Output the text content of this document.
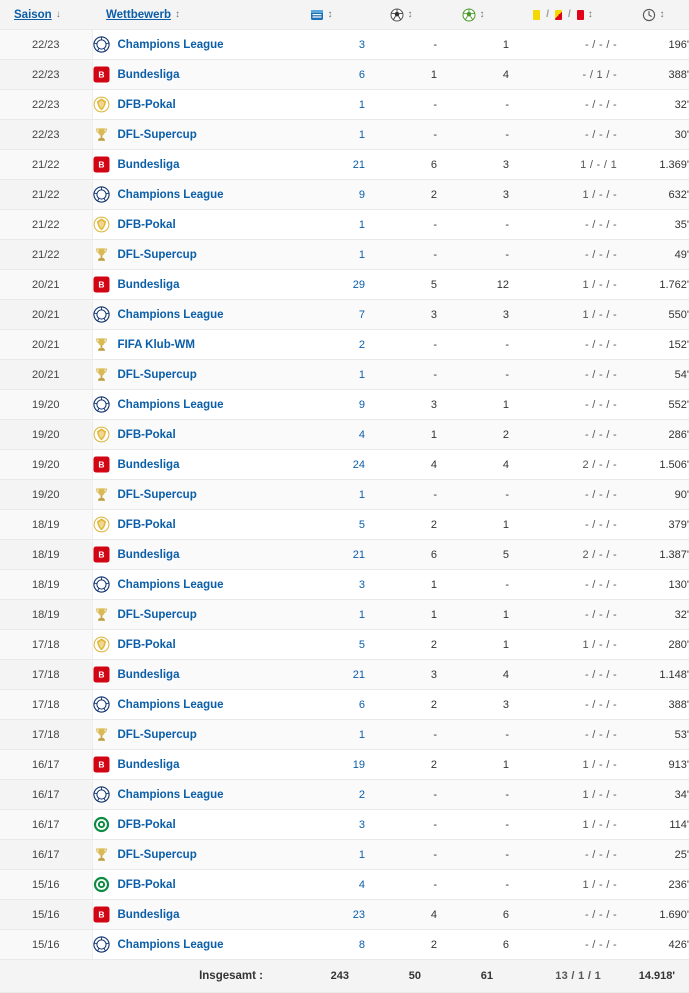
Saison ↓	Wettbewerb ↕	↕	↕	↕	/ / ↕	↕

22/23	Champions League	3	-	1	- / - / -	196'
22/23	B Bundesliga	6	1	4	- / 1 / -	388'
22/23	DFB-Pokal	1	-	-	- / - / -	32'
22/23	DFL-Supercup	1	-	-	- / - / -	30'
21/22	B Bundesliga	21	6	3	1 / - / 1	1.369'
21/22	Champions League	9	2	3	1 / - / -	632'
21/22	DFB-Pokal	1	-	-	- / - / -	35'
21/22	DFL-Supercup	1	-	-	- / - / -	49'
20/21	B Bundesliga	29	5	12	1 / - / -	1.762'
20/21	Champions League	7	3	3	1 / - / -	550'
20/21	FIFA Klub-WM	2	-	-	- / - / -	152'
20/21	DFL-Supercup	1	-	-	- / - / -	54'
19/20	Champions League	9	3	1	- / - / -	552'
19/20	DFB-Pokal	4	1	2	- / - / -	286'
19/20	B Bundesliga	24	4	4	2 / - / -	1.506'
19/20	DFL-Supercup	1	-	-	- / - / -	90'
18/19	DFB-Pokal	5	2	1	- / - / -	379'
18/19	B Bundesliga	21	6	5	2 / - / -	1.387'
18/19	Champions League	3	1	-	- / - / -	130'
18/19	DFL-Supercup	1	1	1	- / - / -	32'
17/18	DFB-Pokal	5	2	1	1 / - / -	280'
17/18	B Bundesliga	21	3	4	- / - / -	1.148'
17/18	Champions League	6	2	3	- / - / -	388'
17/18	DFL-Supercup	1	-	-	- / - / -	53'
16/17	B Bundesliga	19	2	1	1 / - / -	913'
16/17	Champions League	2	-	-	1 / - / -	34'
16/17	DFB-Pokal	3	-	-	1 / - / -	114'
16/17	DFL-Supercup	1	-	-	- / - / -	25'
15/16	DFB-Pokal	4	-	-	1 / - / -	236'
15/16	B Bundesliga	23	4	6	- / - / -	1.690'
15/16	Champions League	8	2	6	- / - / -	426'
Insgesamt :		243	50	61	13 / 1 / 1	14.918'
